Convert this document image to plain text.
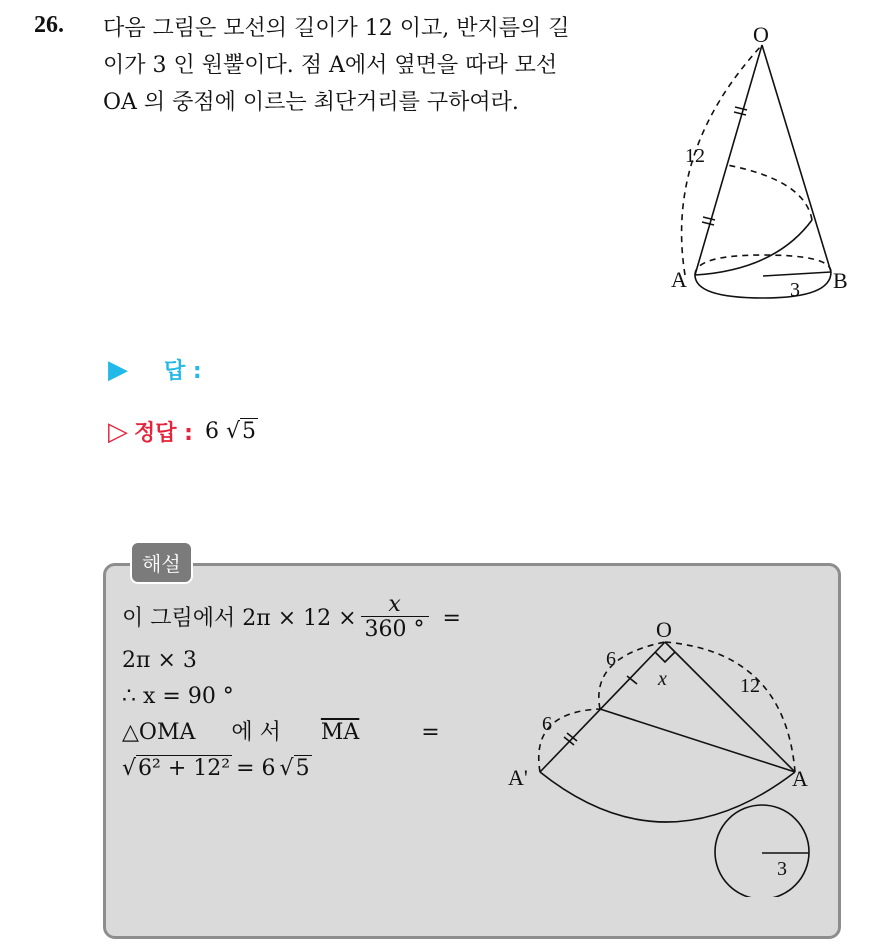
26. 다음 그림은 모선의 길이가 12 이고, 반지름의 길
이가 3 인 원뿔이다. 점 A에서 옆면을 따라 모선
OA 의 중점에 이르는 최단거리를 구하여라.
O
A	B
12
3
▶ 답 :
▷ 정답 : 6 √5
해설
이 그림에서 $2\pi \times 12 \times \frac{x}{360 ^\circ}$ =
2π × 3
∴ x = 90 °
△OMA 에 서 $\overline{MA}$	=
√6² + 12² = 6 √5
O
A'	A
6
6
x	12
3
